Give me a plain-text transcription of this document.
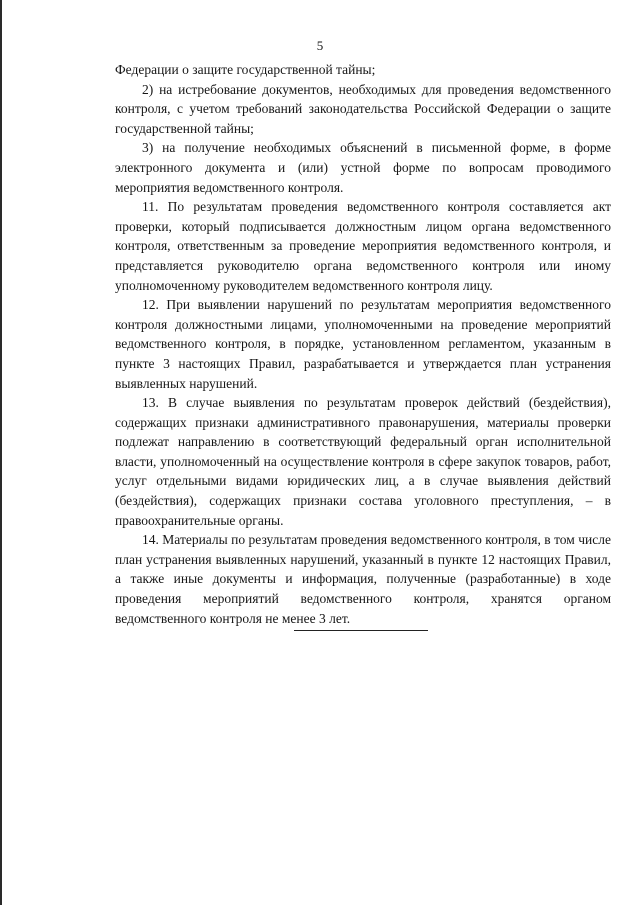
5

Федерации о защите государственной тайны;

2) на истребование документов, необходимых для проведения ведомственного контроля, с учетом требований законодательства Российской Федерации о защите государственной тайны;

3) на получение необходимых объяснений в письменной форме, в форме электронного документа и (или) устной форме по вопросам проводимого мероприятия ведомственного контроля.

11. По результатам проведения ведомственного контроля составляется акт проверки, который подписывается должностным лицом органа ведомственного контроля, ответственным за проведение мероприятия ведомственного контроля, и представляется руководителю органа ведомственного контроля или иному уполномоченному руководителем ведомственного контроля лицу.

12. При выявлении нарушений по результатам мероприятия ведомственного контроля должностными лицами, уполномоченными на проведение мероприятий ведомственного контроля, в порядке, установленном регламентом, указанным в пункте 3 настоящих Правил, разрабатывается и утверждается план устранения выявленных нарушений.

13. В случае выявления по результатам проверок действий (бездействия), содержащих признаки административного правонарушения, материалы проверки подлежат направлению в соответствующий федеральный орган исполнительной власти, уполномоченный на осуществление контроля в сфере закупок товаров, работ, услуг отдельными видами юридических лиц, а в случае выявления действий (бездействия), содержащих признаки состава уголовного преступления, – в правоохранительные органы.

14. Материалы по результатам проведения ведомственного контроля, в том числе план устранения выявленных нарушений, указанный в пункте 12 настоящих Правил, а также иные документы и информация, полученные (разработанные) в ходе проведения мероприятий ведомственного контроля, хранятся органом ведомственного контроля не менее 3 лет.
